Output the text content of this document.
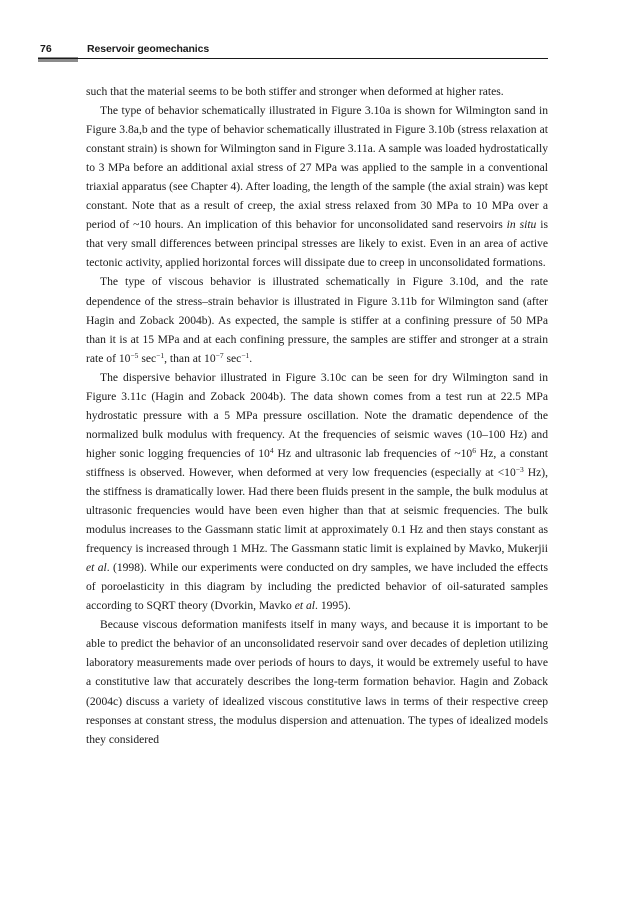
76	Reservoir geomechanics

such that the material seems to be both stiffer and stronger when deformed at higher rates.

The type of behavior schematically illustrated in Figure 3.10a is shown for Wilmington sand in Figure 3.8a,b and the type of behavior schematically illustrated in Figure 3.10b (stress relaxation at constant strain) is shown for Wilmington sand in Figure 3.11a. A sample was loaded hydrostatically to 3 MPa before an additional axial stress of 27 MPa was applied to the sample in a conventional triaxial apparatus (see Chapter 4). After loading, the length of the sample (the axial strain) was kept constant. Note that as a result of creep, the axial stress relaxed from 30 MPa to 10 MPa over a period of ~10 hours. An implication of this behavior for unconsolidated sand reservoirs in situ is that very small differences between principal stresses are likely to exist. Even in an area of active tectonic activity, applied horizontal forces will dissipate due to creep in unconsolidated formations.

The type of viscous behavior is illustrated schematically in Figure 3.10d, and the rate dependence of the stress–strain behavior is illustrated in Figure 3.11b for Wilmington sand (after Hagin and Zoback 2004b). As expected, the sample is stiffer at a confining pressure of 50 MPa than it is at 15 MPa and at each confining pressure, the samples are stiffer and stronger at a strain rate of $10^{-5}$ $\sec^{-1}$, than at $10^{-7}$ $\sec^{-1}$.

The dispersive behavior illustrated in Figure 3.10c can be seen for dry Wilmington sand in Figure 3.11c (Hagin and Zoback 2004b). The data shown comes from a test run at 22.5 MPa hydrostatic pressure with a 5 MPa pressure oscillation. Note the dramatic dependence of the normalized bulk modulus with frequency. At the frequencies of seismic waves (10–100 Hz) and higher sonic logging frequencies of $10^4$ Hz and ultrasonic lab frequencies of $\sim 10^6$ Hz, a constant stiffness is observed. However, when deformed at very low frequencies (especially at $<10^{-3}$ Hz), the stiffness is dramatically lower. Had there been fluids present in the sample, the bulk modulus at ultrasonic frequencies would have been even higher than that at seismic frequencies. The bulk modulus increases to the Gassmann static limit at approximately 0.1 Hz and then stays constant as frequency is increased through 1 MHz. The Gassmann static limit is explained by Mavko, Mukerjii et al. (1998). While our experiments were conducted on dry samples, we have included the effects of poroelasticity in this diagram by including the predicted behavior of oil-saturated samples according to SQRT theory (Dvorkin, Mavko et al. 1995).

Because viscous deformation manifests itself in many ways, and because it is important to be able to predict the behavior of an unconsolidated reservoir sand over decades of depletion utilizing laboratory measurements made over periods of hours to days, it would be extremely useful to have a constitutive law that accurately describes the long-term formation behavior. Hagin and Zoback (2004c) discuss a variety of idealized viscous constitutive laws in terms of their respective creep responses at constant stress, the modulus dispersion and attenuation. The types of idealized models they considered
